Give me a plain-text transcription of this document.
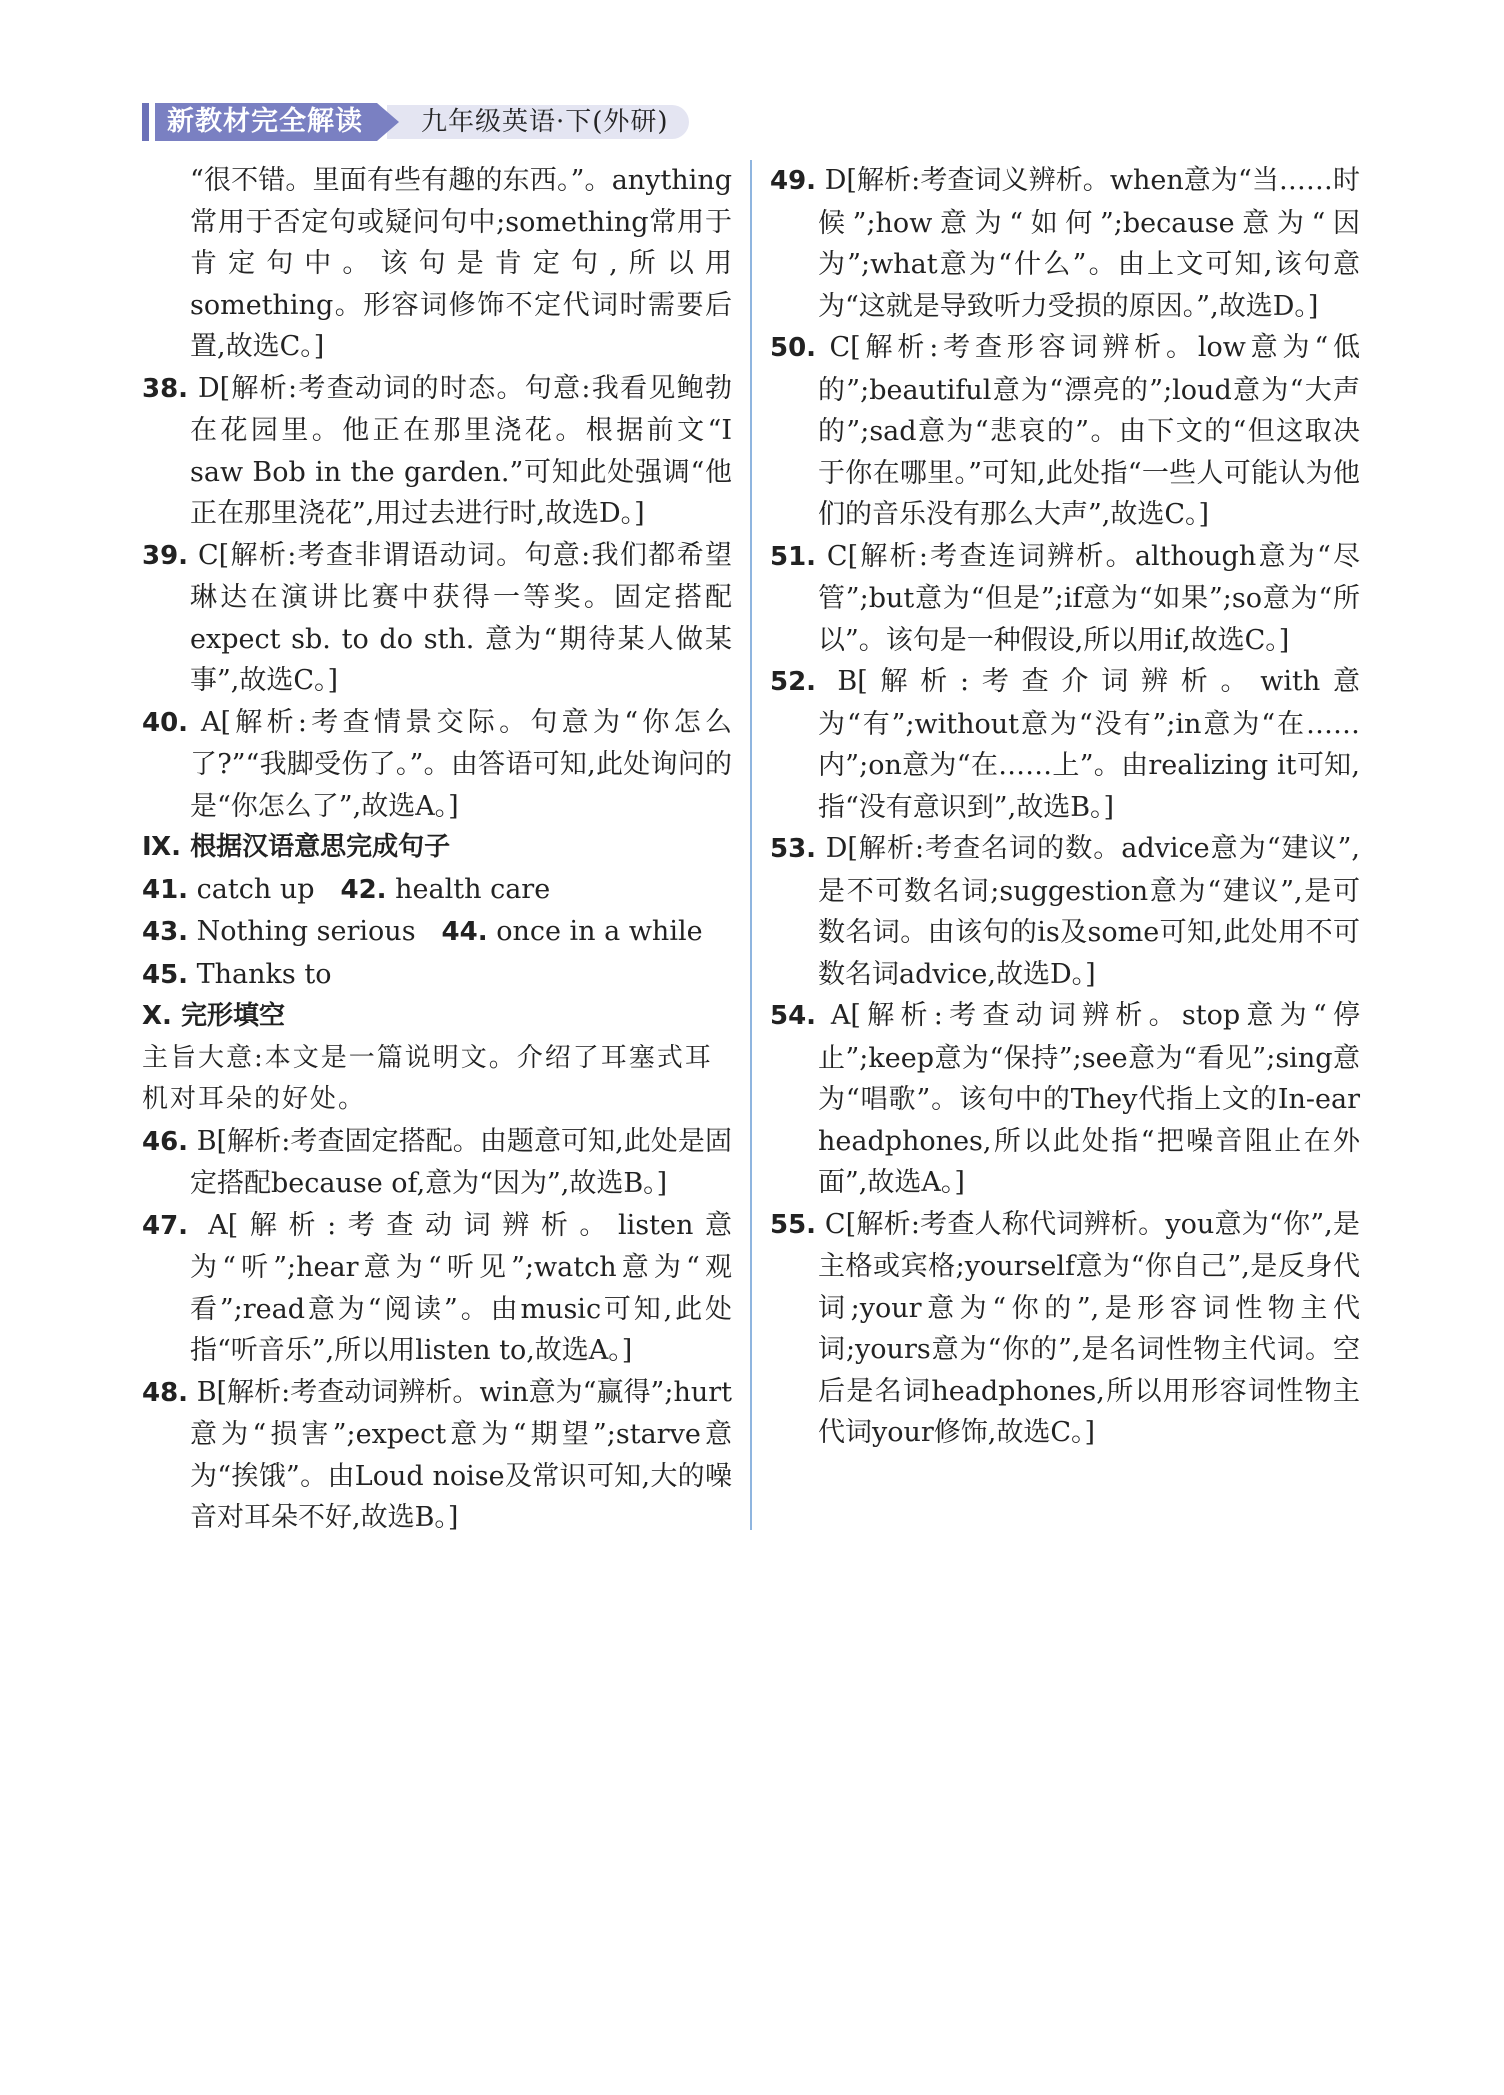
新教材完全解读	九年级英语·下(外研)

“很不错。里面有些有趣的东西。”。anything常用于否定句或疑问句中;something常用于肯定句中。该句是肯定句,所以用something。形容词修饰不定代词时需要后置,故选C。]

38. D[解析:考查动词的时态。句意:我看见鲍勃在花园里。他正在那里浇花。根据前文“I saw Bob in the garden.”可知此处强调“他正在那里浇花”,用过去进行时,故选D。]

39. C[解析:考查非谓语动词。句意:我们都希望琳达在演讲比赛中获得一等奖。固定搭配expect sb. to do sth. 意为“期待某人做某事”,故选C。]

40. A[解析:考查情景交际。句意为“你怎么了?”“我脚受伤了。”。由答语可知,此处询问的是“你怎么了”,故选A。]

Ⅸ. 根据汉语意思完成句子

41. catch up 42. health care
43. Nothing serious 44. once in a while
45. Thanks to

Ⅹ. 完形填空

主旨大意:本文是一篇说明文。介绍了耳塞式耳机对耳朵的好处。

46. B[解析:考查固定搭配。由题意可知,此处是固定搭配because of,意为“因为”,故选B。]

47. A[解析:考查动词辨析。listen意为“听”;hear意为“听见”;watch意为“观看”;read意为“阅读”。由music可知,此处指“听音乐”,所以用listen to,故选A。]

48. B[解析:考查动词辨析。win意为“赢得”;hurt意为“损害”;expect意为“期望”;starve意为“挨饿”。由Loud noise及常识可知,大的噪音对耳朵不好,故选B。]

49. D[解析:考查词义辨析。when意为“当……时候”;how意为“如何”;because意为“因为”;what意为“什么”。由上文可知,该句意为“这就是导致听力受损的原因。”,故选D。]

50. C[解析:考查形容词辨析。low意为“低的”;beautiful意为“漂亮的”;loud意为“大声的”;sad意为“悲哀的”。由下文的“但这取决于你在哪里。”可知,此处指“一些人可能认为他们的音乐没有那么大声”,故选C。]

51. C[解析:考查连词辨析。although意为“尽管”;but意为“但是”;if意为“如果”;so意为“所以”。该句是一种假设,所以用if,故选C。]

52. B[解析:考查介词辨析。with意为“有”;without意为“没有”;in意为“在……内”;on意为“在……上”。由realizing it可知,指“没有意识到”,故选B。]

53. D[解析:考查名词的数。advice意为“建议”,是不可数名词;suggestion意为“建议”,是可数名词。由该句的is及some可知,此处用不可数名词advice,故选D。]

54. A[解析:考查动词辨析。stop意为“停止”;keep意为“保持”;see意为“看见”;sing意为“唱歌”。该句中的They代指上文的In-ear headphones,所以此处指“把噪音阻止在外面”,故选A。]

55. C[解析:考查人称代词辨析。you意为“你”,是主格或宾格;yourself意为“你自己”,是反身代词;your意为“你的”,是形容词性物主代词;yours意为“你的”,是名词性物主代词。空后是名词headphones,所以用形容词性物主代词your修饰,故选C。]
